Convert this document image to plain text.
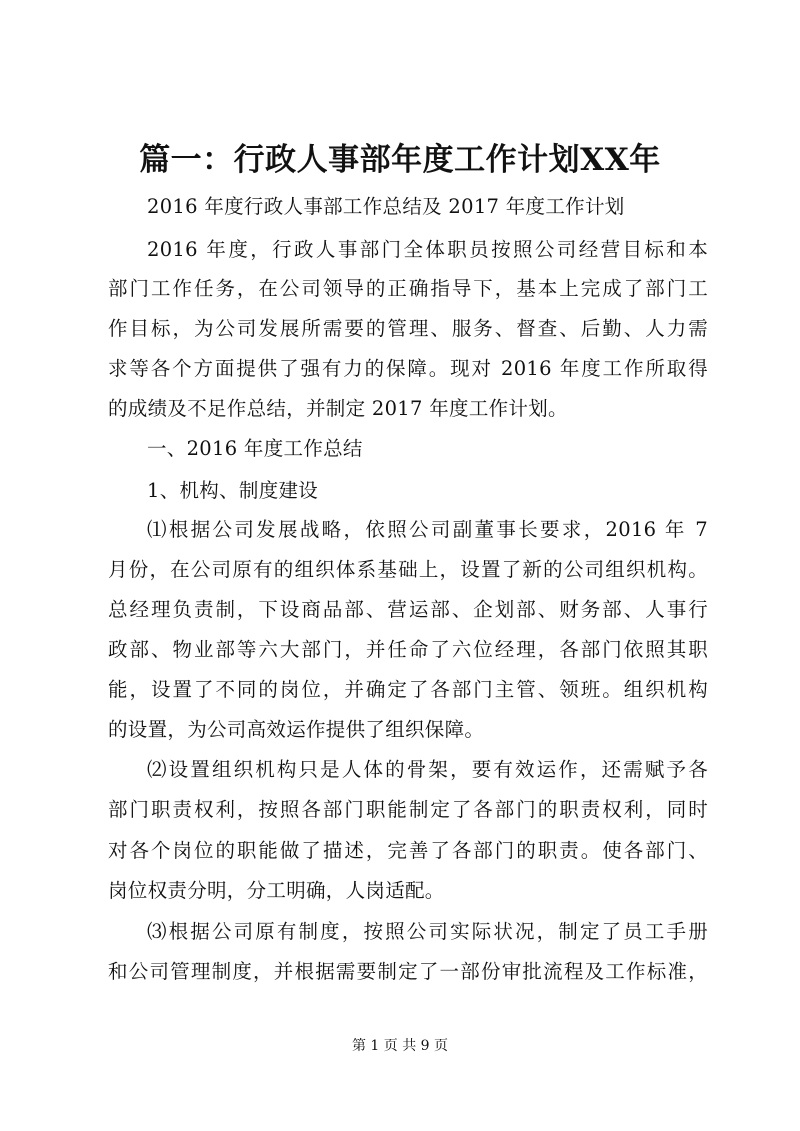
篇一：行政人事部年度工作计划XX年
2016 年度行政人事部工作总结及 2017 年度工作计划
2016 年度，行政人事部门全体职员按照公司经营目标和本
部门工作任务，在公司领导的正确指导下，基本上完成了部门工
作目标，为公司发展所需要的管理、服务、督查、后勤、人力需
求等各个方面提供了强有力的保障。现对 2016 年度工作所取得
的成绩及不足作总结，并制定 2017 年度工作计划。
一、2016 年度工作总结
1、机构、制度建设
⑴根据公司发展战略，依照公司副董事长要求，2016 年 7
月份，在公司原有的组织体系基础上，设置了新的公司组织机构。
总经理负责制，下设商品部、营运部、企划部、财务部、人事行
政部、物业部等六大部门，并任命了六位经理，各部门依照其职
能，设置了不同的岗位，并确定了各部门主管、领班。组织机构
的设置，为公司高效运作提供了组织保障。
⑵设置组织机构只是人体的骨架，要有效运作，还需赋予各
部门职责权利，按照各部门职能制定了各部门的职责权利，同时
对各个岗位的职能做了描述，完善了各部门的职责。使各部门、
岗位权责分明，分工明确，人岗适配。
⑶根据公司原有制度，按照公司实际状况，制定了员工手册
和公司管理制度，并根据需要制定了一部份审批流程及工作标准，
第 1 页 共 9 页
